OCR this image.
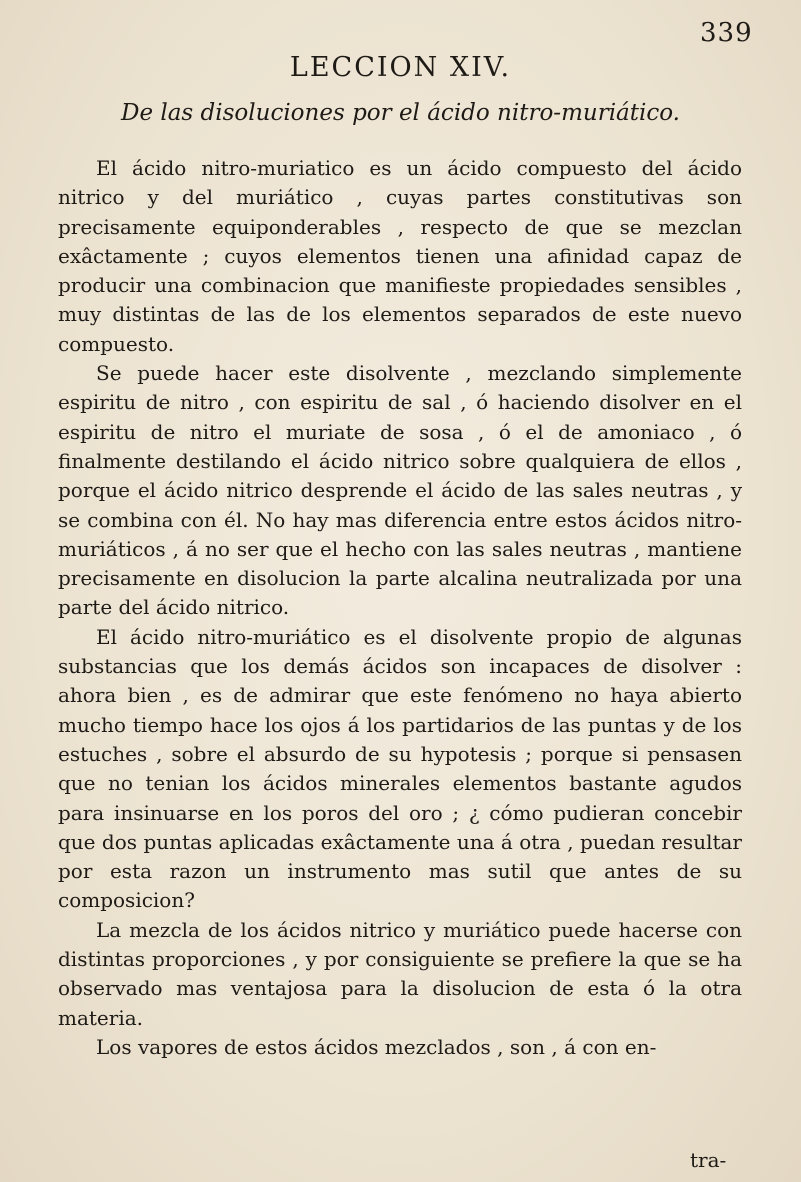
339
LECCION XIV.
De las disoluciones por el ácido nitro-muriático.

El ácido nitro-muriatico es un ácido compuesto del ácido nitrico y del muriático , cuyas partes constitutivas son precisamente equiponderables , respecto de que se mezclan exâctamente ; cuyos elementos tienen una afinidad capaz de producir una combinacion que manifieste propiedades sensibles , muy distintas de las de los elementos separados de este nuevo compuesto.

Se puede hacer este disolvente , mezclando simplemente espiritu de nitro , con espiritu de sal , ó haciendo disolver en el espiritu de nitro el muriate de sosa , ó el de amoniaco , ó finalmente destilando el ácido nitrico sobre qualquiera de ellos , porque el ácido nitrico desprende el ácido de las sales neutras , y se combina con él. No hay mas diferencia entre estos ácidos nitro-muriáticos , á no ser que el hecho con las sales neutras , mantiene precisamente en disolucion la parte alcalina neutralizada por una parte del ácido nitrico.

El ácido nitro-muriático es el disolvente propio de algunas substancias que los demás ácidos son incapaces de disolver : ahora bien , es de admirar que este fenómeno no haya abierto mucho tiempo hace los ojos á los partidarios de las puntas y de los estuches , sobre el absurdo de su hypotesis ; porque si pensasen que no tenian los ácidos minerales elementos bastante agudos para insinuarse en los poros del oro ; ¿ cómo pudieran concebir que dos puntas aplicadas exâctamente una á otra , puedan resultar por esta razon un instrumento mas sutil que antes de su composicion?

La mezcla de los ácidos nitrico y muriático puede hacerse con distintas proporciones , y por consiguiente se prefiere la que se ha observado mas ventajosa para la disolucion de esta ó la otra materia.

Los vapores de estos ácidos mezclados , son , á con en-

tra-
